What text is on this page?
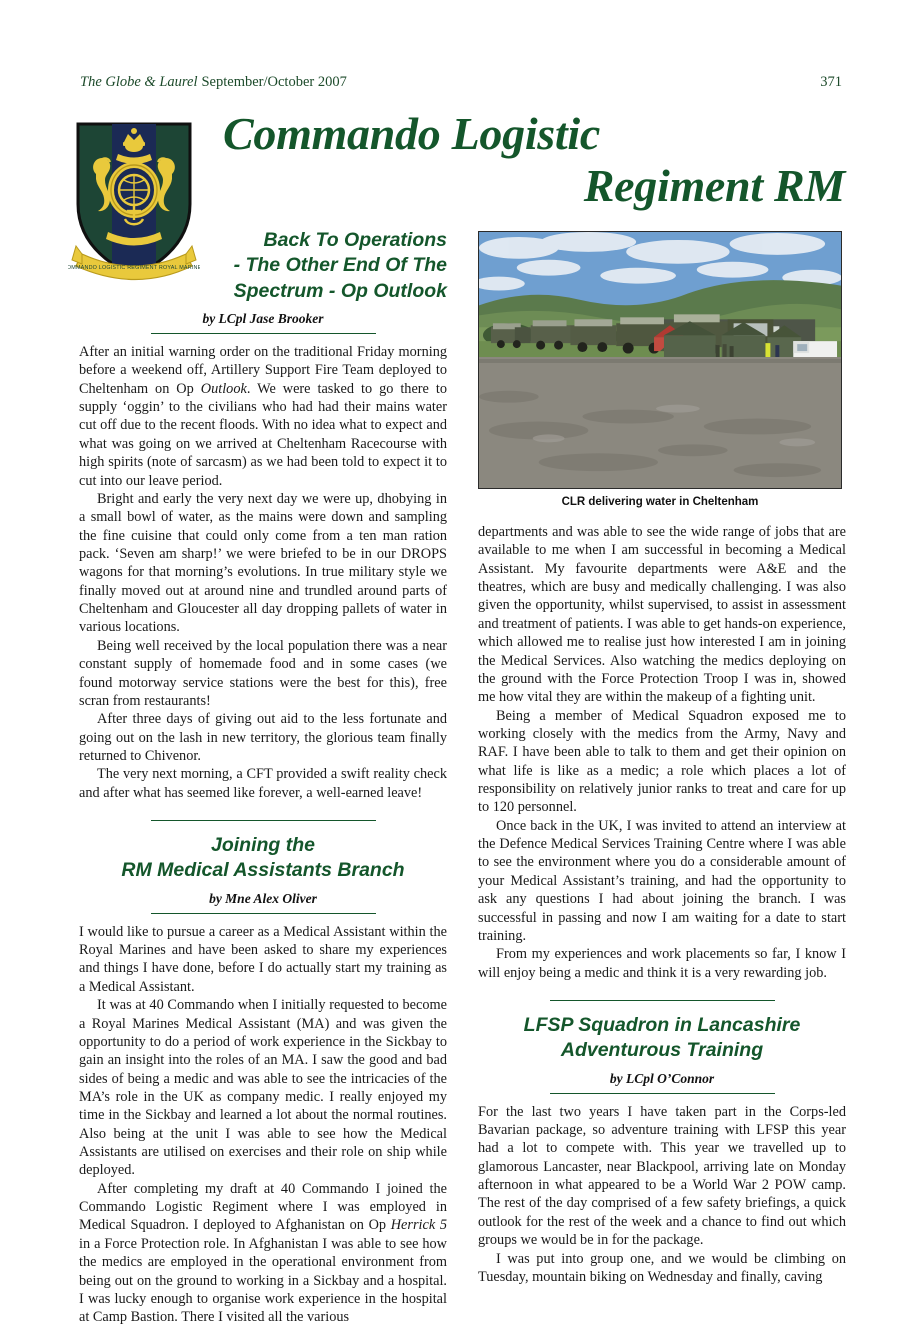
The Globe & Laurel September/October 2007	371
COMMANDO LOGISTIC REGIMENT ROYAL MARINES
Commando Logistic
Regiment RM
CLR delivering water in Cheltenham
Back To Operations
- The Other End Of The
Spectrum - Op Outlook
by LCpl Jase Brooker

After an initial warning order on the traditional Friday morning before a weekend off, Artillery Support Fire Team deployed to Cheltenham on Op Outlook. We were tasked to go there to supply ‘oggin’ to the civilians who had had their mains water cut off due to the recent floods. With no idea what to expect and what was going on we arrived at Cheltenham Racecourse with high spirits (note of sarcasm) as we had been told to expect it to cut into our leave period.

Bright and early the very next day we were up, dhobying in a small bowl of water, as the mains were down and sampling the fine cuisine that could only come from a ten man ration pack. ‘Seven am sharp!’ we were briefed to be in our DROPS wagons for that morning’s evolutions. In true military style we finally moved out at around nine and trundled around parts of Cheltenham and Gloucester all day dropping pallets of water in various locations.

Being well received by the local population there was a near constant supply of homemade food and in some cases (we found motorway service stations were the best for this), free scran from restaurants!

After three days of giving out aid to the less fortunate and going out on the lash in new territory, the glorious team finally returned to Chivenor.

The very next morning, a CFT provided a swift reality check and after what has seemed like forever, a well-earned leave!

Joining the
RM Medical Assistants Branch
by Mne Alex Oliver

I would like to pursue a career as a Medical Assistant within the Royal Marines and have been asked to share my experiences and things I have done, before I do actually start my training as a Medical Assistant.

It was at 40 Commando when I initially requested to become a Royal Marines Medical Assistant (MA) and was given the opportunity to do a period of work experience in the Sickbay to gain an insight into the roles of an MA. I saw the good and bad sides of being a medic and was able to see the intricacies of the MA’s role in the UK as company medic. I really enjoyed my time in the Sickbay and learned a lot about the normal routines. Also being at the unit I was able to see how the Medical Assistants are utilised on exercises and their role on ship while deployed.

After completing my draft at 40 Commando I joined the Commando Logistic Regiment where I was employed in Medical Squadron. I deployed to Afghanistan on Op Herrick 5 in a Force Protection role. In Afghanistan I was able to see how the medics are employed in the operational environment from being out on the ground to working in a Sickbay and a hospital. I was lucky enough to organise work experience in the hospital at Camp Bastion. There I visited all the various

departments and was able to see the wide range of jobs that are available to me when I am successful in becoming a Medical Assistant. My favourite departments were A&E and the theatres, which are busy and medically challenging. I was also given the opportunity, whilst supervised, to assist in assessment and treatment of patients. I was able to get hands-on experience, which allowed me to realise just how interested I am in joining the Medical Services. Also watching the medics deploying on the ground with the Force Protection Troop I was in, showed me how vital they are within the makeup of a fighting unit.

Being a member of Medical Squadron exposed me to working closely with the medics from the Army, Navy and RAF. I have been able to talk to them and get their opinion on what life is like as a medic; a role which places a lot of responsibility on relatively junior ranks to treat and care for up to 120 personnel.

Once back in the UK, I was invited to attend an interview at the Defence Medical Services Training Centre where I was able to see the environment where you do a considerable amount of your Medical Assistant’s training, and had the opportunity to ask any questions I had about joining the branch. I was successful in passing and now I am waiting for a date to start training.

From my experiences and work placements so far, I know I will enjoy being a medic and think it is a very rewarding job.

LFSP Squadron in Lancashire
Adventurous Training
by LCpl O’Connor

For the last two years I have taken part in the Corps-led Bavarian package, so adventure training with LFSP this year had a lot to compete with. This year we travelled up to glamorous Lancaster, near Blackpool, arriving late on Monday afternoon in what appeared to be a World War 2 POW camp. The rest of the day comprised of a few safety briefings, a quick outlook for the rest of the week and a chance to find out which groups we would be in for the package.

I was put into group one, and we would be climbing on Tuesday, mountain biking on Wednesday and finally, caving
